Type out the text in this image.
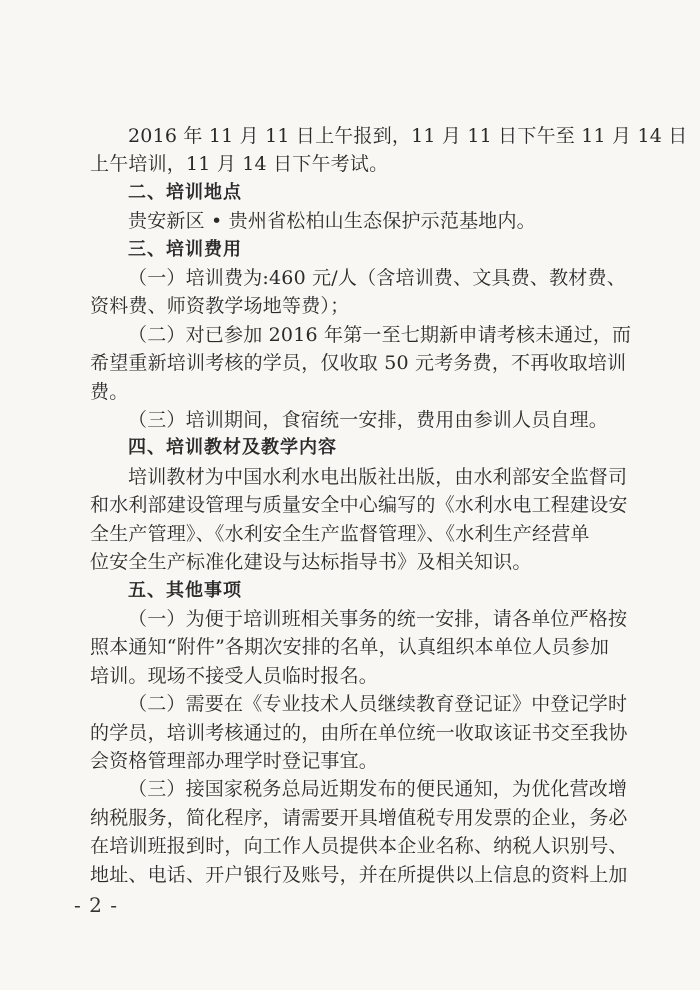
2016 年 11 月 11 日上午报到，11 月 11 日下午至 11 月 14 日
上午培训，11 月 14 日下午考试。
二、培训地点
贵安新区 • 贵州省松柏山生态保护示范基地内。
三、培训费用
（一）培训费为:460 元/人（含培训费、文具费、教材费、
资料费、师资教学场地等费）；
（二）对已参加 2016 年第一至七期新申请考核未通过，而
希望重新培训考核的学员，仅收取 50 元考务费，不再收取培训
费。
（三）培训期间，食宿统一安排，费用由参训人员自理。
四、培训教材及教学内容
培训教材为中国水利水电出版社出版，由水利部安全监督司
和水利部建设管理与质量安全中心编写的《水利水电工程建设安
全生产管理》、《水利安全生产监督管理》、《水利生产经营单
位安全生产标准化建设与达标指导书》及相关知识。
五、其他事项
（一）为便于培训班相关事务的统一安排，请各单位严格按
照本通知“附件”各期次安排的名单，认真组织本单位人员参加
培训。现场不接受人员临时报名。
（二）需要在《专业技术人员继续教育登记证》中登记学时
的学员，培训考核通过的，由所在单位统一收取该证书交至我协
会资格管理部办理学时登记事宜。
（三）接国家税务总局近期发布的便民通知，为优化营改增
纳税服务，简化程序，请需要开具增值税专用发票的企业，务必
在培训班报到时，向工作人员提供本企业名称、纳税人识别号、
地址、电话、开户银行及账号，并在所提供以上信息的资料上加
- 2 -
